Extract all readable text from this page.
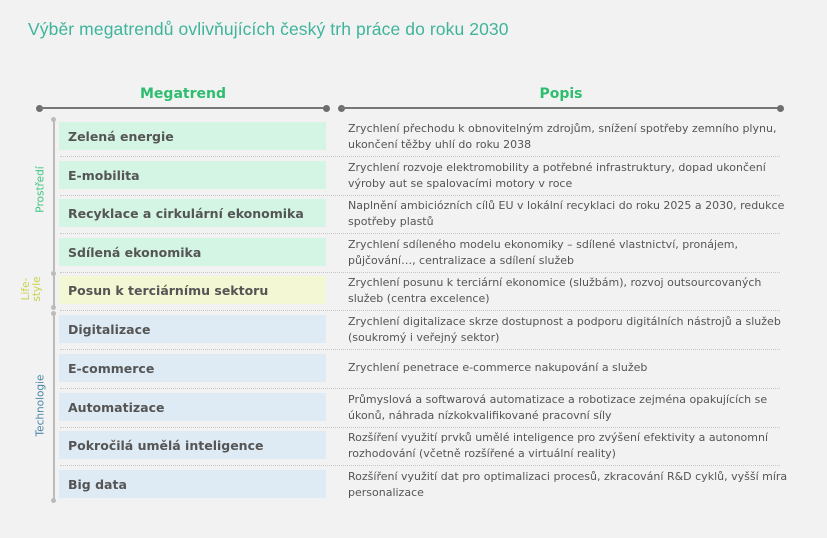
Výběr megatrendů ovlivňujících český trh práce do roku 2030
Megatrend	Popis
Prostředí
Life-
style
Technologie
Zelená energie	Zrychlení přechodu k obnovitelným zdrojům, snížení spotřeby zemního plynu, ukončení těžby uhlí do roku 2038
E-mobilita	Zrychlení rozvoje elektromobility a potřebné infrastruktury, dopad ukončení výroby aut se spalovacími motory v roce
Recyklace a cirkulární ekonomika	Naplnění ambiciózních cílů EU v lokální recyklaci do roku 2025 a 2030, redukce spotřeby plastů
Sdílená ekonomika	Zrychlení sdíleného modelu ekonomiky – sdílené vlastnictví, pronájem, půjčování…, centralizace a sdílení služeb
Posun k terciárnímu sektoru	Zrychlení posunu k terciární ekonomice (službám), rozvoj outsourcovaných služeb (centra excelence)
Digitalizace	Zrychlení digitalizace skrze dostupnost a podporu digitálních nástrojů a služeb (soukromý i veřejný sektor)
E-commerce	Zrychlení penetrace e-commerce nakupování a služeb
Automatizace	Průmyslová a softwarová automatizace a robotizace zejména opakujících se úkonů, náhrada nízkokvalifikované pracovní síly
Pokročilá umělá inteligence	Rozšíření využití prvků umělé inteligence pro zvýšení efektivity a autonomní rozhodování (včetně rozšířené a virtuální reality)
Big data	Rozšíření využití dat pro optimalizaci procesů, zkracování R&D cyklů, vyšší míra personalizace
